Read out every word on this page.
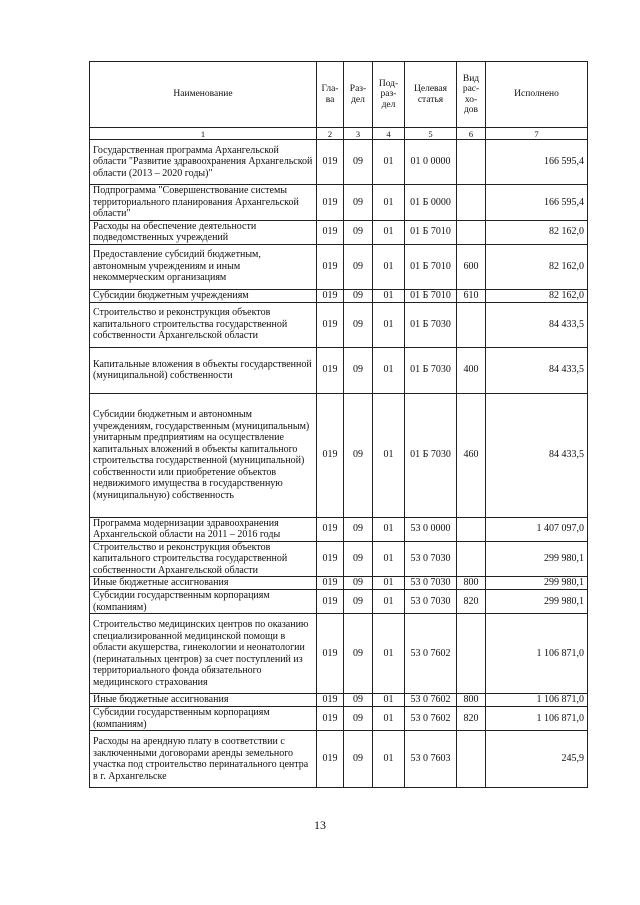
Наименование	Гла-ва	Раз-дел	Под-раз-дел	Целевая статья	Вид рас-хо-дов	Исполнено
1	2	3	4	5	6	7
Государственная программа Архангельской области "Развитие здравоохранения Архангельской области (2013 – 2020 годы)"	019	09	01	01 0 0000		166 595,4
Подпрограмма "Совершенствование системы территориального планирования Архангельской области"	019	09	01	01 Б 0000		166 595,4
Расходы на обеспечение деятельности подведомственных учреждений	019	09	01	01 Б 7010		82 162,0
Предоставление субсидий бюджетным, автономным учреждениям и иным некоммерческим организациям	019	09	01	01 Б 7010	600	82 162,0
Субсидии бюджетным учреждениям	019	09	01	01 Б 7010	610	82 162,0
Строительство и реконструкция объектов капитального строительства государственной собственности Архангельской области	019	09	01	01 Б 7030		84 433,5
Капитальные вложения в объекты государственной (муниципальной) собственности	019	09	01	01 Б 7030	400	84 433,5
Субсидии бюджетным и автономным учреждениям, государственным (муниципальным) унитарным предприятиям на осуществление капитальных вложений в объекты капитального строительства государственной (муниципальной) собственности или приобретение объектов недвижимого имущества в государственную (муниципальную) собственность	019	09	01	01 Б 7030	460	84 433,5
Программа модернизации здравоохранения Архангельской области на 2011 – 2016 годы	019	09	01	53 0 0000		1 407 097,0
Строительство и реконструкция объектов капитального строительства государственной собственности Архангельской области	019	09	01	53 0 7030		299 980,1
Иные бюджетные ассигнования	019	09	01	53 0 7030	800	299 980,1
Субсидии государственным корпорациям (компаниям)	019	09	01	53 0 7030	820	299 980,1
Строительство медицинских центров по оказанию специализированной медицинской помощи в области акушерства, гинекологии и неонатологии (перинатальных центров) за счет поступлений из территориального фонда обязательного медицинского страхования	019	09	01	53 0 7602		1 106 871,0
Иные бюджетные ассигнования	019	09	01	53 0 7602	800	1 106 871,0
Субсидии государственным корпорациям (компаниям)	019	09	01	53 0 7602	820	1 106 871,0
Расходы на арендную плату в соответствии с заключенными договорами аренды земельного участка под строительство перинатального центра в г. Архангельске	019	09	01	53 0 7603		245,9
13
